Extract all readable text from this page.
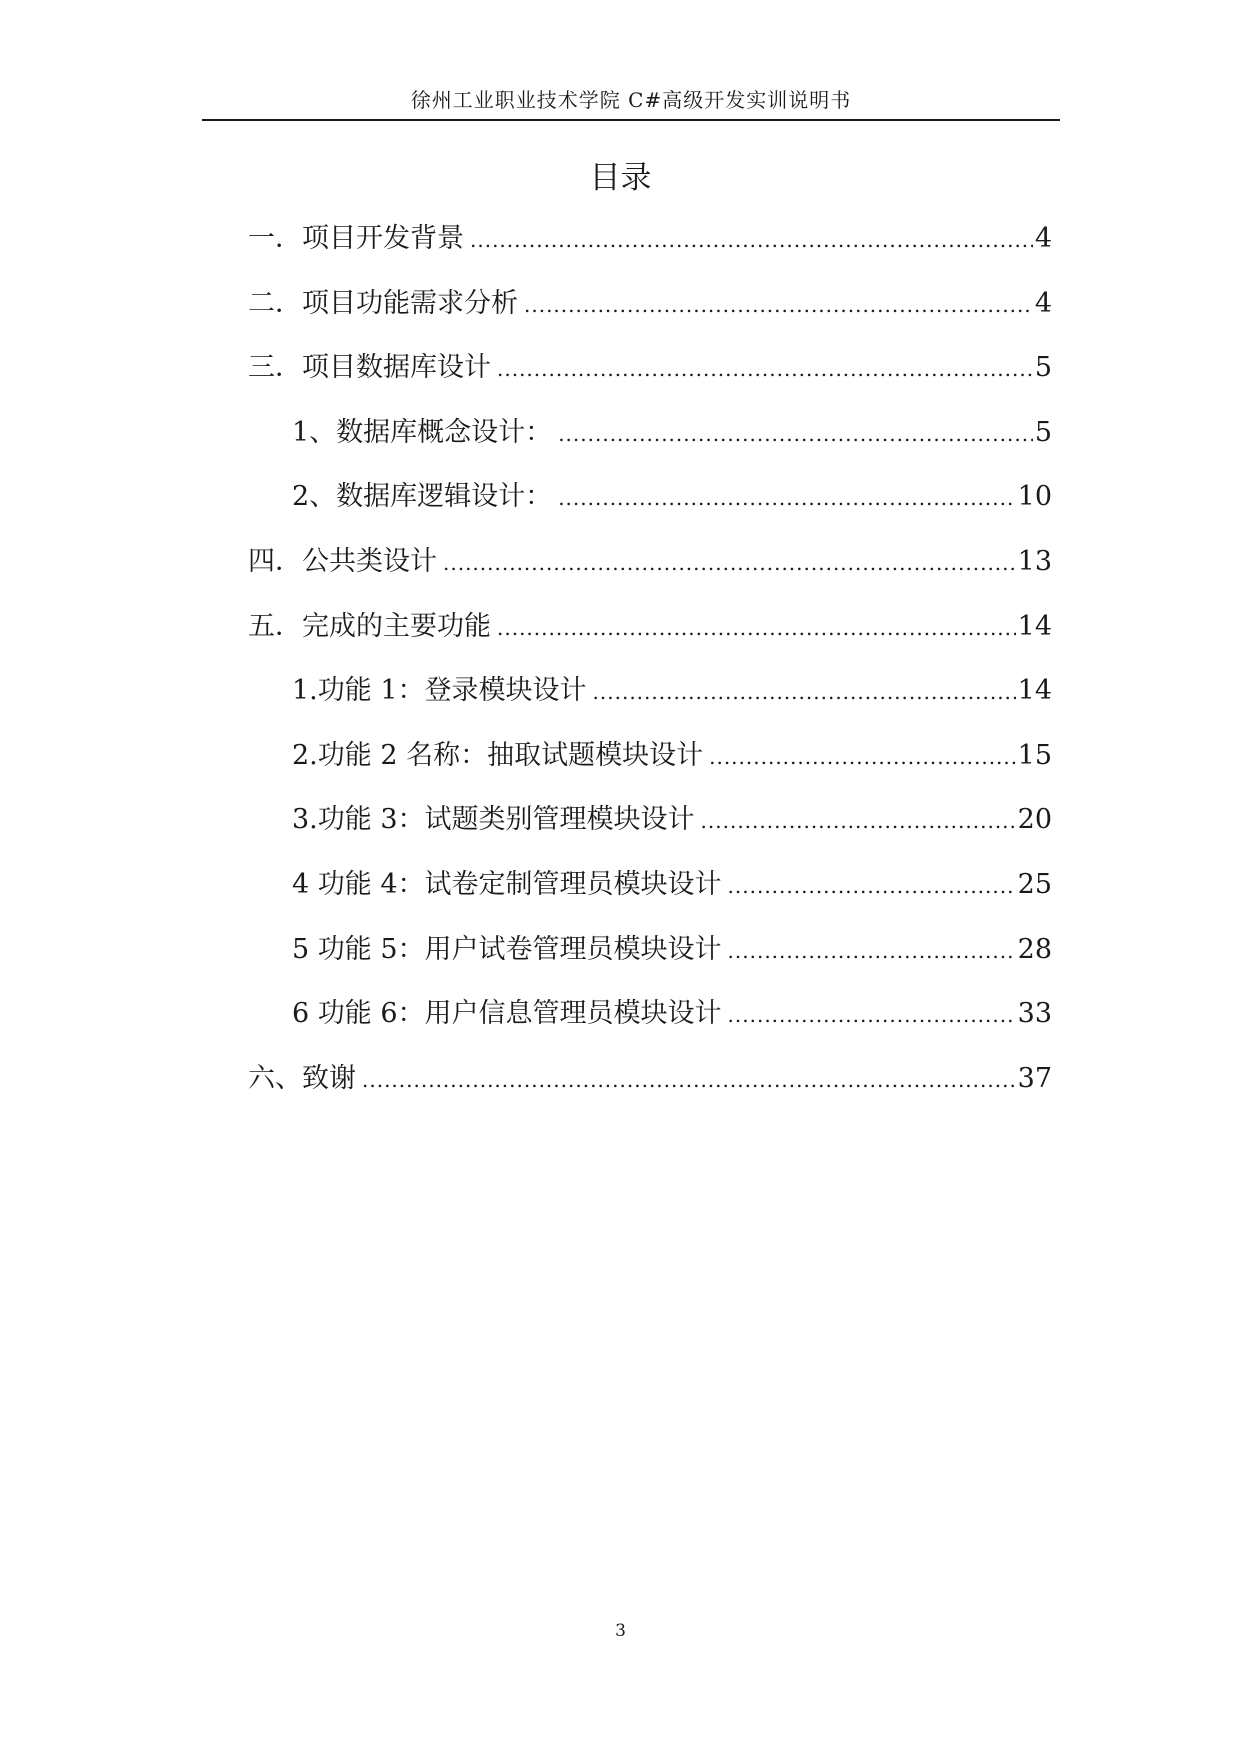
徐州工业职业技术学院 C#高级开发实训说明书
目录
一．项目开发背景 .....	4
二．项目功能需求分析 .....	4
三．项目数据库设计 .....	5
1、数据库概念设计： .....	5
2、数据库逻辑设计： .....	10
四．公共类设计 .....	13
五．完成的主要功能 .....	14
1.功能 1：登录模块设计 .....	14
2.功能 2 名称：抽取试题模块设计 .....	15
3.功能 3：试题类别管理模块设计 .....	20
4 功能 4：试卷定制管理员模块设计 .....	25
5 功能 5：用户试卷管理员模块设计 .....	28
6 功能 6：用户信息管理员模块设计 .....	33
六、致谢 .....	37
3
